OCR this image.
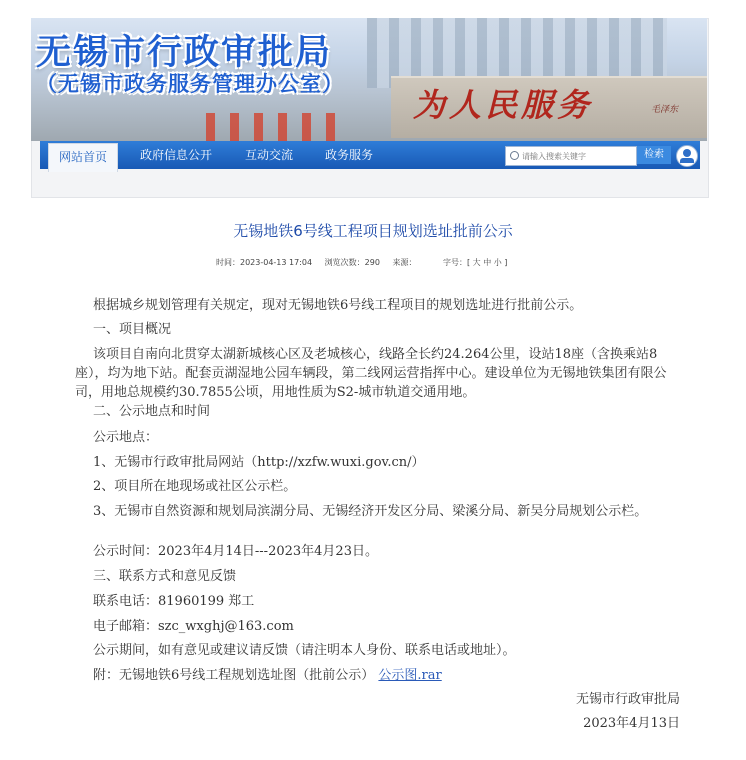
为人民服务	毛泽东
无锡市行政审批局
（无锡市政务服务管理办公室）
网站首页	政府信息公开	互动交流	政务服务
请输入搜索关键字	检索
无锡地铁6号线工程项目规划选址批前公示
时间：2023-04-13 17:04 浏览次数：290 来源：	字号：[ 大 中 小 ]
根据城乡规划管理有关规定，现对无锡地铁6号线工程项目的规划选址进行批前公示。
一、项目概况
该项目自南向北贯穿太湖新城核心区及老城核心，线路全长约24.264公里，设站18座（含换乘站8座），均为地下站。配套贡湖湿地公园车辆段，第二线网运营指挥中心。建设单位为无锡地铁集团有限公司，用地总规模约30.7855公顷，用地性质为S2-城市轨道交通用地。
二、公示地点和时间
公示地点：
1、无锡市行政审批局网站（http://xzfw.wuxi.gov.cn/）
2、项目所在地现场或社区公示栏。
3、无锡市自然资源和规划局滨湖分局、无锡经济开发区分局、梁溪分局、新吴分局规划公示栏。
公示时间：2023年4月14日---2023年4月23日。
三、联系方式和意见反馈
联系电话：81960199 郑工
电子邮箱：szc_wxghj@163.com
公示期间，如有意见或建议请反馈（请注明本人身份、联系电话或地址）。
附：无锡地铁6号线工程规划选址图（批前公示） 公示图.rar
无锡市行政审批局
2023年4月13日
